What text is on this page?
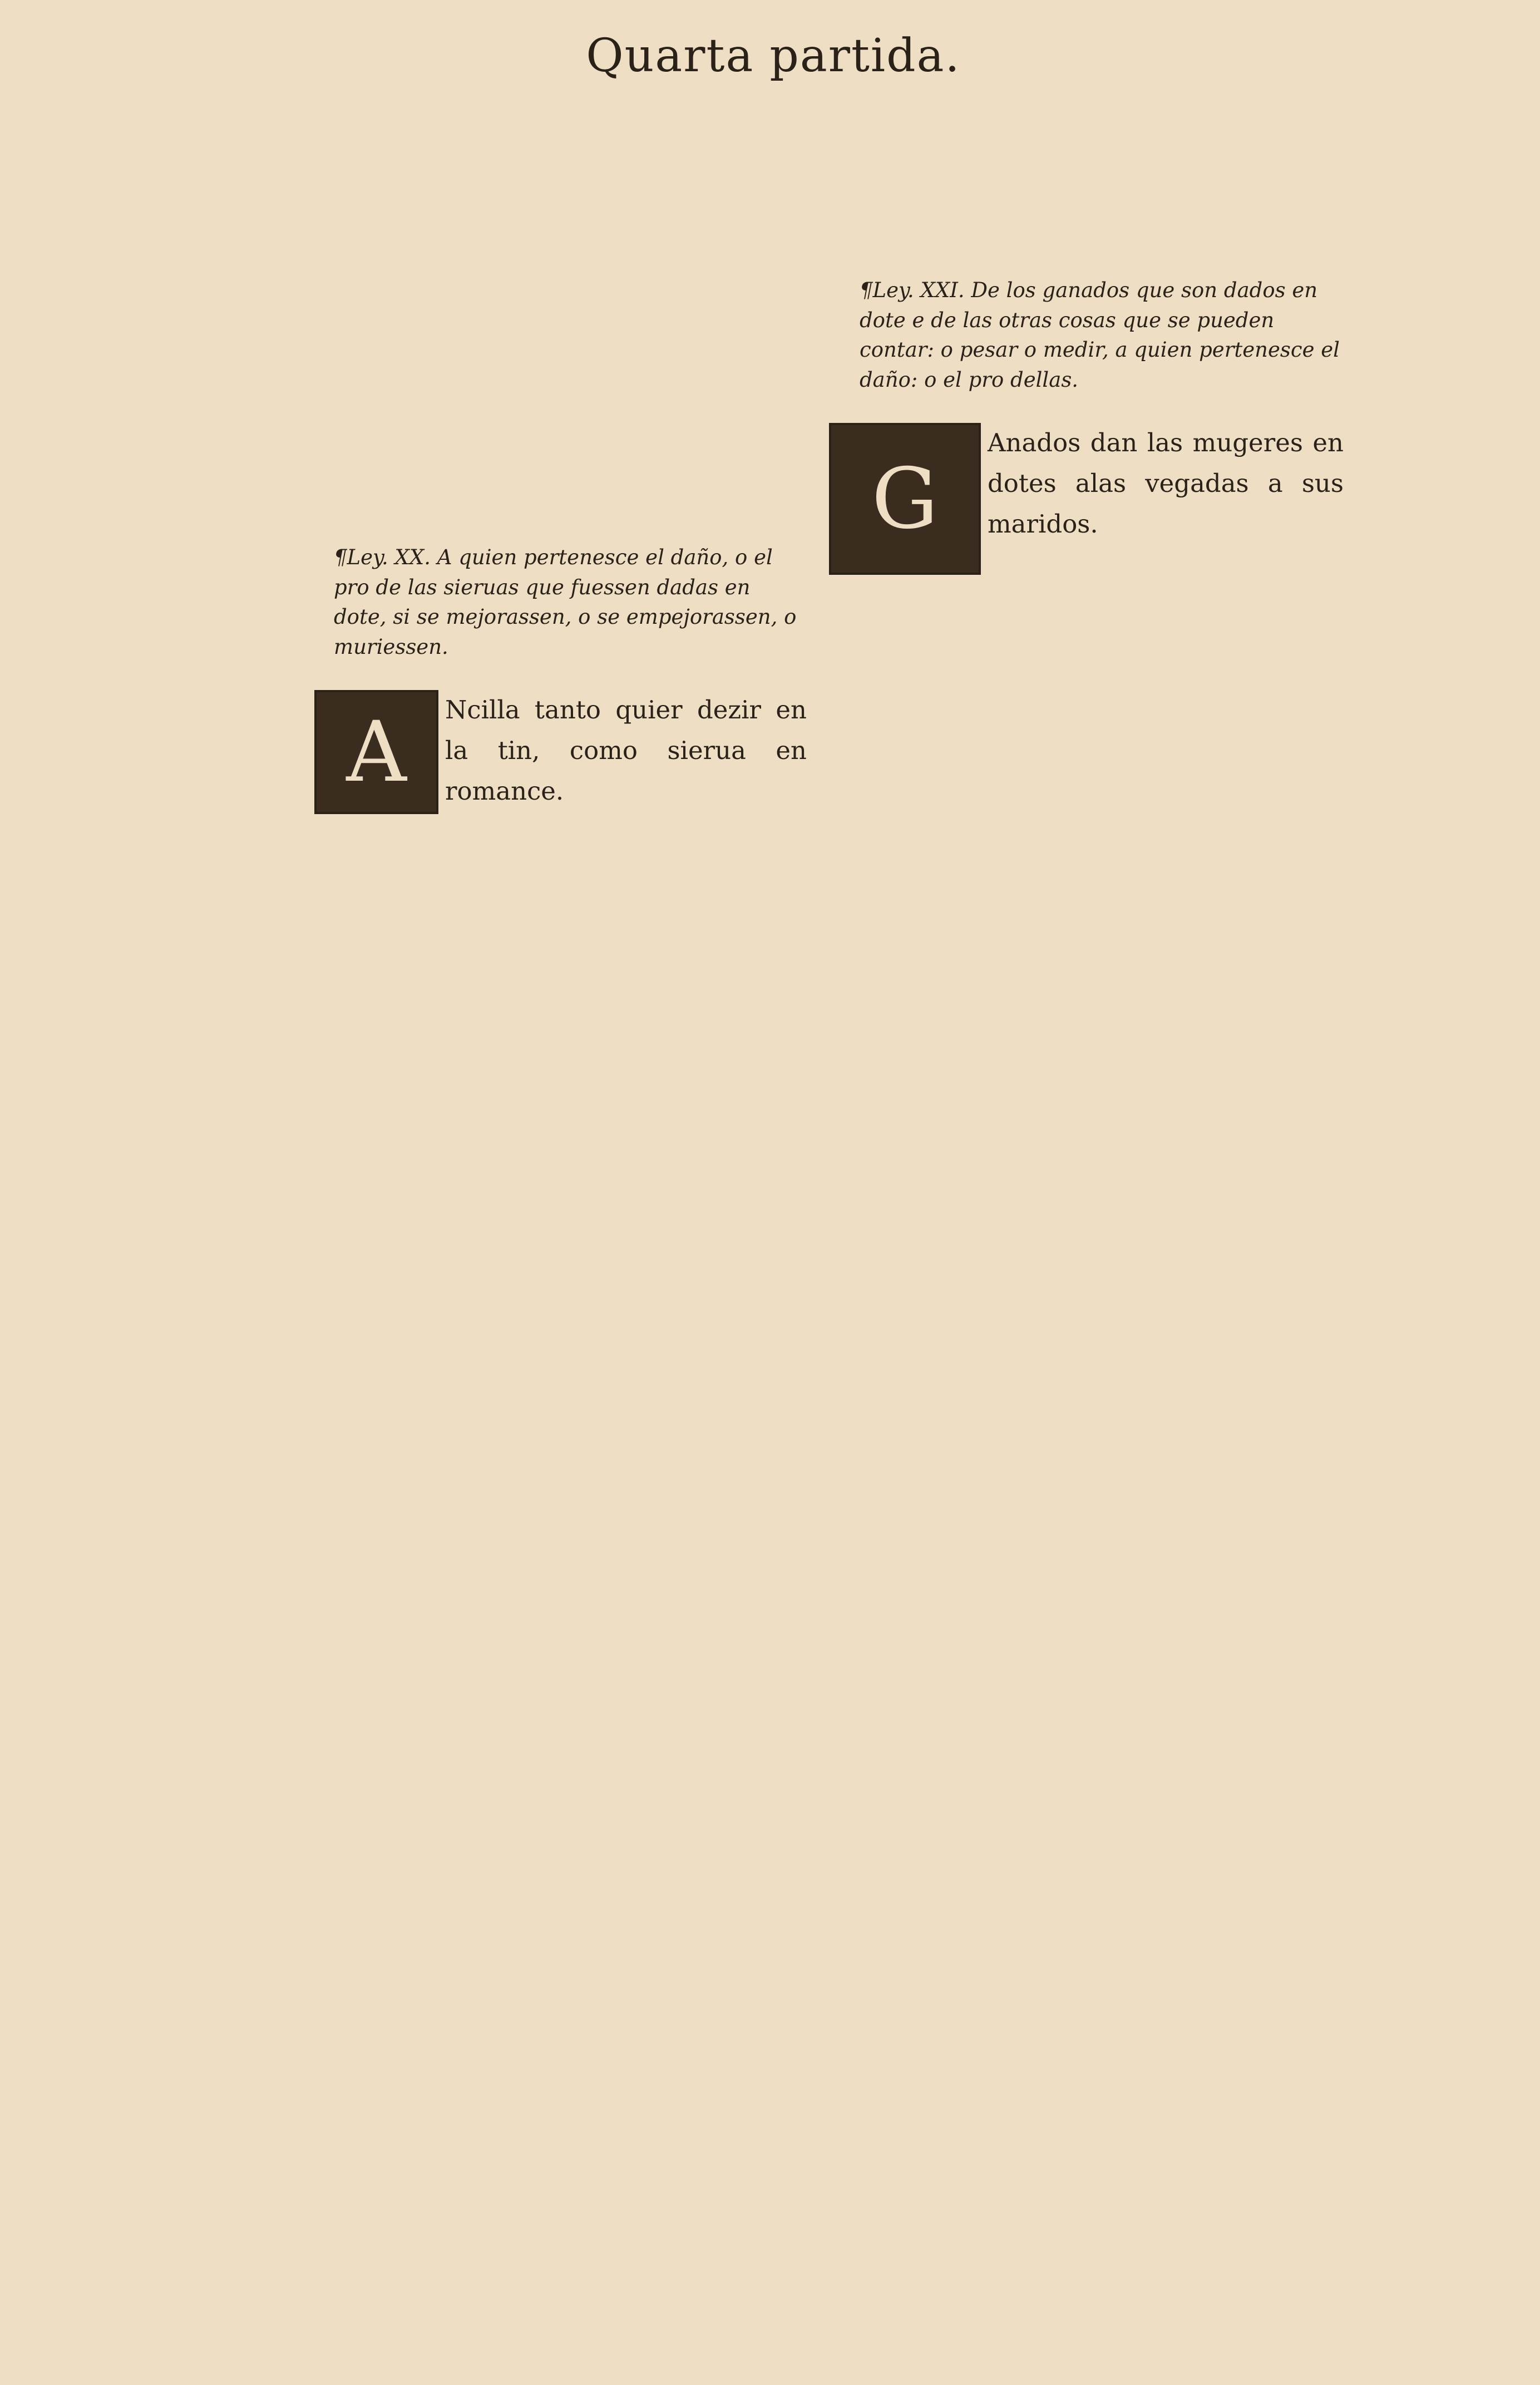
Quarta partida.
¶Ley. XX. A quien pertenesce el daño, o el pro de las sieruas que fuessen dadas en dote, si se mejorassen, o se empejorassen, o muriessen.
A	Ncilla tanto quier dezir en la tin, como sierua en romance.
¶Ley. XXI. De los ganados que son dados en dote e de las otras cosas que se pueden contar: o pesar o medir, a quien pertenesce el daño: o el pro dellas.
G
Anados dan las mugeres en dotes alas vegadas a sus maridos.
